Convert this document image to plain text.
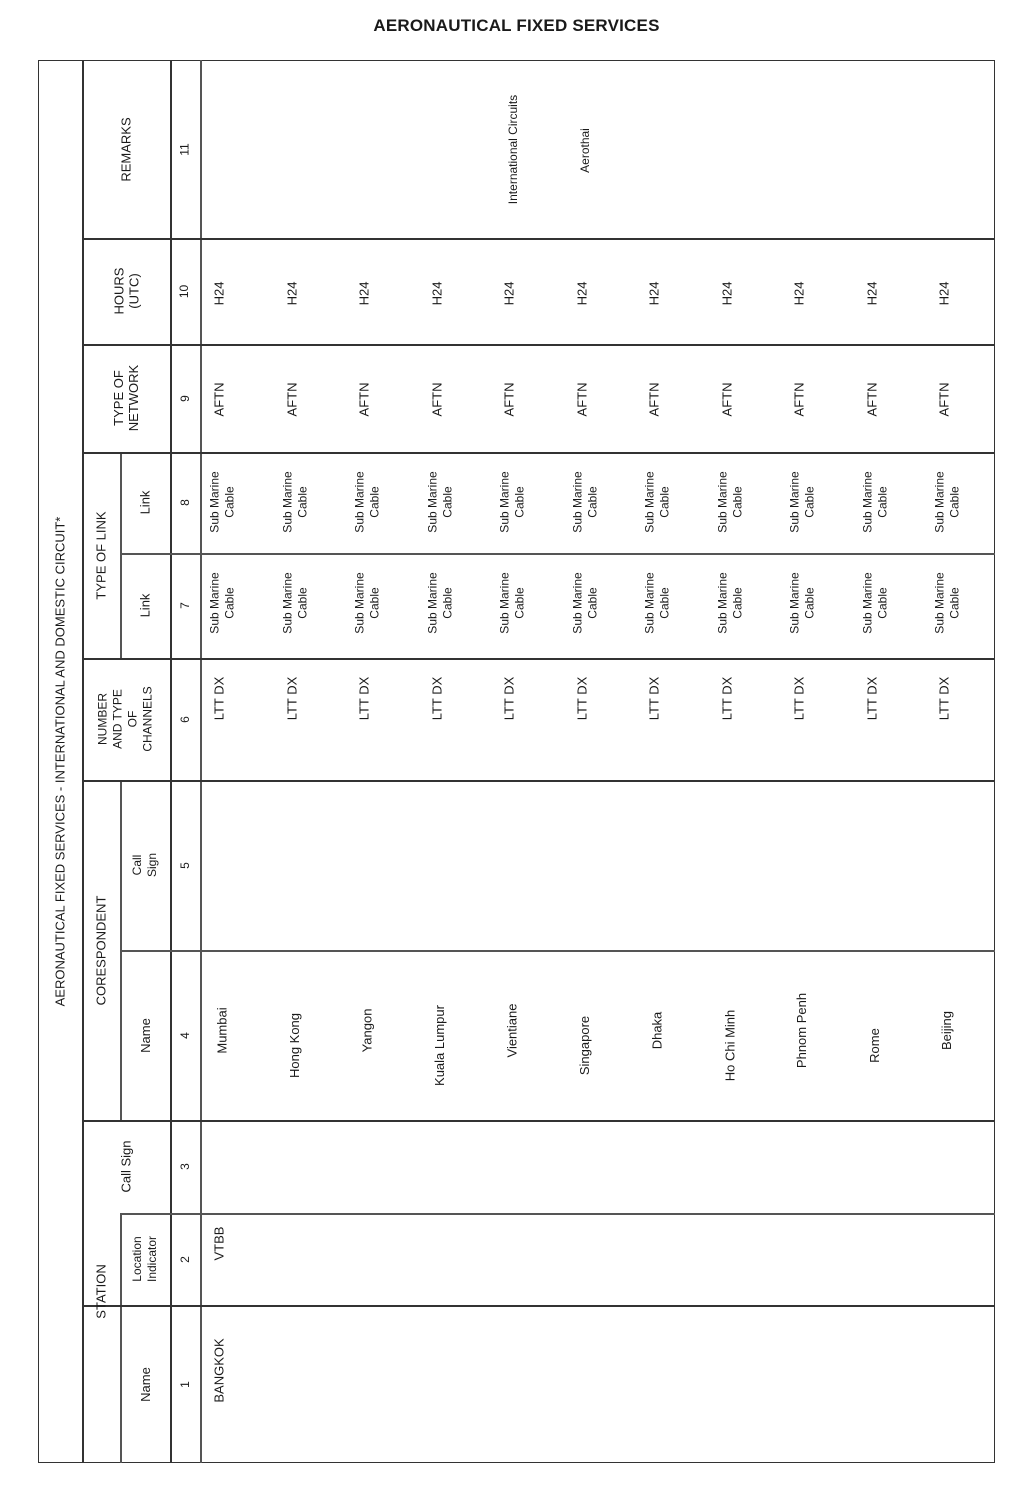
AERONAUTICAL FIXED SERVICES
AERONAUTICAL FIXED SERVICES - INTERNATIONAL AND DOMESTIC CIRCUIT*
STATION
CORESPONDENT
TYPE OF LINK
Name
Location Indicator
Call Sign
Name
Call Sign
NUMBER AND TYPE OF CHANNELS
Link
Link
TYPE OF NETWORK
HOURS (UTC)
REMARKS
1
2
3
4
5
6
7
8
9
10
11
BANGKOK
VTBB
Mumbai
LTT DX
Sub Marine Cable
Sub Marine Cable
AFTN
H24
Hong Kong
LTT DX
Sub Marine Cable
Sub Marine Cable
AFTN
H24
Yangon
LTT DX
Sub Marine Cable
Sub Marine Cable
AFTN
H24
Kuala Lumpur
LTT DX
Sub Marine Cable
Sub Marine Cable
AFTN
H24
Vientiane
LTT DX
Sub Marine Cable
Sub Marine Cable
AFTN
H24
Singapore
LTT DX
Sub Marine Cable
Sub Marine Cable
AFTN
H24
Dhaka
LTT DX
Sub Marine Cable
Sub Marine Cable
AFTN
H24
Ho Chi Minh
LTT DX
Sub Marine Cable
Sub Marine Cable
AFTN
H24
Phnom Penh
LTT DX
Sub Marine Cable
Sub Marine Cable
AFTN
H24
Rome
LTT DX
Sub Marine Cable
Sub Marine Cable
AFTN
H24
Beijing
LTT DX
Sub Marine Cable
Sub Marine Cable
AFTN
H24
International Circuits	Aerothai
